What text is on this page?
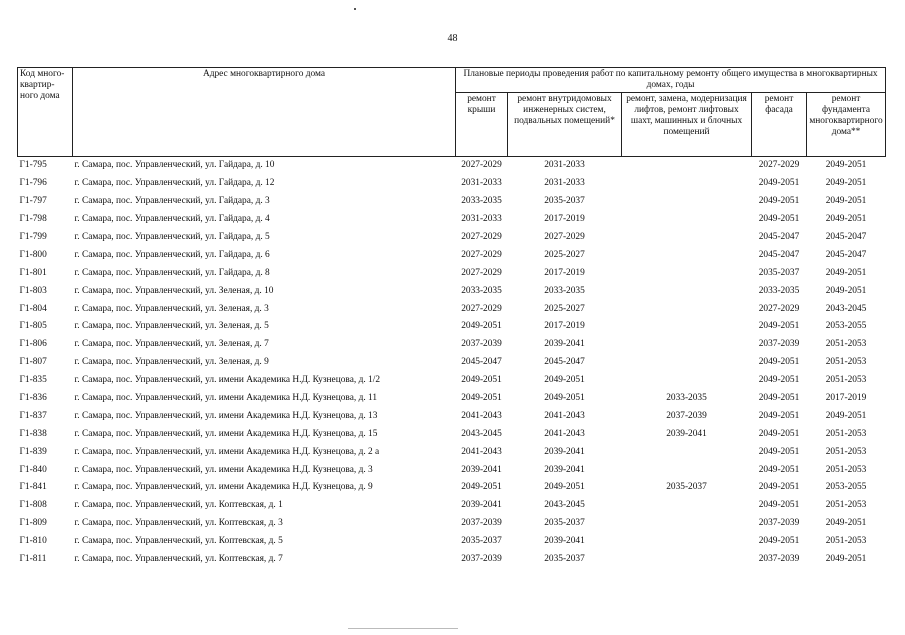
48
Код много-квартир-ного дома	Адрес многоквартирного дома	Плановые периоды проведения работ по капитальному ремонту общего имущества в многоквартирных домах, годы				
		ремонт крыши	ремонт внутридомовых инженерных систем, подвальных помещений*	ремонт, замена, модернизация лифтов, ремонт лифтовых шахт, машинных и блочных помещений	ремонт фасада	ремонт фундамента многоквартирного дома**
Г1-795	г. Самара, пос. Управленческий, ул. Гайдара, д. 10	2027-2029	2031-2033		2027-2029	2049-2051
Г1-796	г. Самара, пос. Управленческий, ул. Гайдара, д. 12	2031-2033	2031-2033		2049-2051	2049-2051
Г1-797	г. Самара, пос. Управленческий, ул. Гайдара, д. 3	2033-2035	2035-2037		2049-2051	2049-2051
Г1-798	г. Самара, пос. Управленческий, ул. Гайдара, д. 4	2031-2033	2017-2019		2049-2051	2049-2051
Г1-799	г. Самара, пос. Управленческий, ул. Гайдара, д. 5	2027-2029	2027-2029		2045-2047	2045-2047
Г1-800	г. Самара, пос. Управленческий, ул. Гайдара, д. 6	2027-2029	2025-2027		2045-2047	2045-2047
Г1-801	г. Самара, пос. Управленческий, ул. Гайдара, д. 8	2027-2029	2017-2019		2035-2037	2049-2051
Г1-803	г. Самара, пос. Управленческий, ул. Зеленая, д. 10	2033-2035	2033-2035		2033-2035	2049-2051
Г1-804	г. Самара, пос. Управленческий, ул. Зеленая, д. 3	2027-2029	2025-2027		2027-2029	2043-2045
Г1-805	г. Самара, пос. Управленческий, ул. Зеленая, д. 5	2049-2051	2017-2019		2049-2051	2053-2055
Г1-806	г. Самара, пос. Управленческий, ул. Зеленая, д. 7	2037-2039	2039-2041		2037-2039	2051-2053
Г1-807	г. Самара, пос. Управленческий, ул. Зеленая, д. 9	2045-2047	2045-2047		2049-2051	2051-2053
Г1-835	г. Самара, пос. Управленческий, ул. имени Академика Н.Д. Кузнецова, д. 1/2	2049-2051	2049-2051		2049-2051	2051-2053
Г1-836	г. Самара, пос. Управленческий, ул. имени Академика Н.Д. Кузнецова, д. 11	2049-2051	2049-2051	2033-2035	2049-2051	2017-2019
Г1-837	г. Самара, пос. Управленческий, ул. имени Академика Н.Д. Кузнецова, д. 13	2041-2043	2041-2043	2037-2039	2049-2051	2049-2051
Г1-838	г. Самара, пос. Управленческий, ул. имени Академика Н.Д. Кузнецова, д. 15	2043-2045	2041-2043	2039-2041	2049-2051	2051-2053
Г1-839	г. Самара, пос. Управленческий, ул. имени Академика Н.Д. Кузнецова, д. 2 а	2041-2043	2039-2041		2049-2051	2051-2053
Г1-840	г. Самара, пос. Управленческий, ул. имени Академика Н.Д. Кузнецова, д. 3	2039-2041	2039-2041		2049-2051	2051-2053
Г1-841	г. Самара, пос. Управленческий, ул. имени Академика Н.Д. Кузнецова, д. 9	2049-2051	2049-2051	2035-2037	2049-2051	2053-2055
Г1-808	г. Самара, пос. Управленческий, ул. Коптевская, д. 1	2039-2041	2043-2045		2049-2051	2051-2053
Г1-809	г. Самара, пос. Управленческий, ул. Коптевская, д. 3	2037-2039	2035-2037		2037-2039	2049-2051
Г1-810	г. Самара, пос. Управленческий, ул. Коптевская, д. 5	2035-2037	2039-2041		2049-2051	2051-2053
Г1-811	г. Самара, пос. Управленческий, ул. Коптевская, д. 7	2037-2039	2035-2037		2037-2039	2049-2051
